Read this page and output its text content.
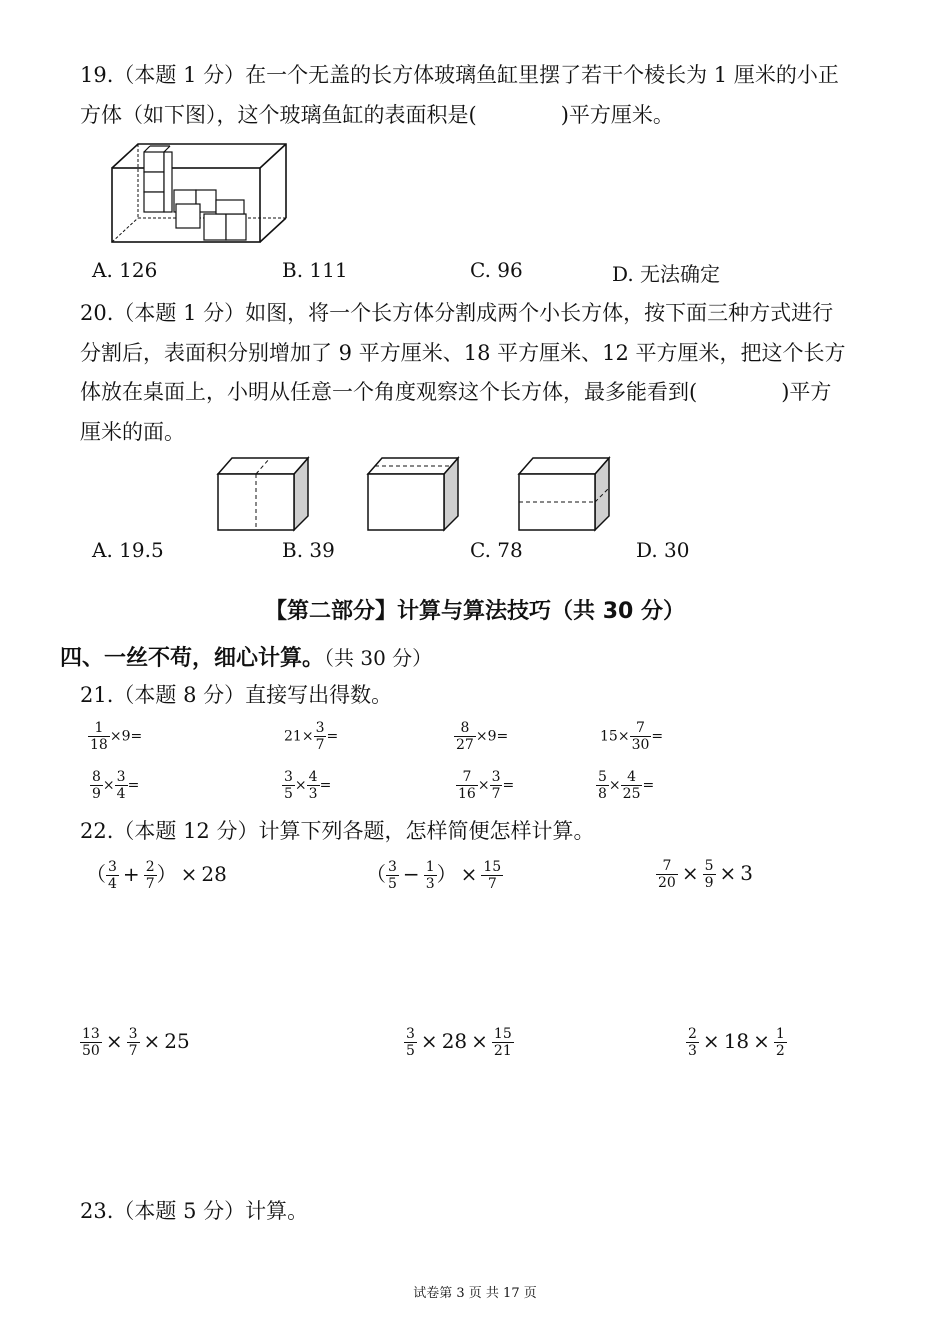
19.（本题 1 分）在一个无盖的长方体玻璃鱼缸里摆了若干个棱长为 1 厘米的小正
方体（如下图），这个玻璃鱼缸的表面积是(　　　　)平方厘米。
A. 126	B. 111	C. 96	D. 无法确定
20.（本题 1 分）如图，将一个长方体分割成两个小长方体，按下面三种方式进行
分割后，表面积分别增加了 9 平方厘米、18 平方厘米、12 平方厘米，把这个长方
体放在桌面上，小明从任意一个角度观察这个长方体，最多能看到(　　　　)平方
厘米的面。
A. 19.5	B. 39	C. 78	D. 30
【第二部分】计算与算法技巧（共 30 分）
四、一丝不苟，细心计算。（共 30 分）
21.（本题 8 分）直接写出得数。
$\frac{1}{18} \times 9=$	$21\times \frac{3}{7}$ =	$\frac{8}{27} \times 9=$	$15\times \frac{7}{30}$ =
$\frac{8}{9} \times \frac{3}{4}$ =	$\frac{3}{5} \times \frac{4}{3}$ =	$\frac{7}{16} \times \frac{3}{7}$ =	$\frac{5}{8} \times \frac{4}{25}$ =
22.（本题 12 分）计算下列各题，怎样简便怎样计算。
（ $\frac{3}{4} + \frac{2}{7}$ ） × 28	（ $\frac{3}{5} - \frac{1}{3}$ ） × $\frac{15}{7}$	$\frac{7}{20} \times \frac{5}{9} \times 3$
$\frac{13}{50} \times \frac{3}{7} \times 25$	$\frac{3}{5} \times 28 \times \frac{15}{21}$	$\frac{2}{3} \times 18 \times \frac{1}{2}$
23.（本题 5 分）计算。
试卷第 3 页 共 17 页
